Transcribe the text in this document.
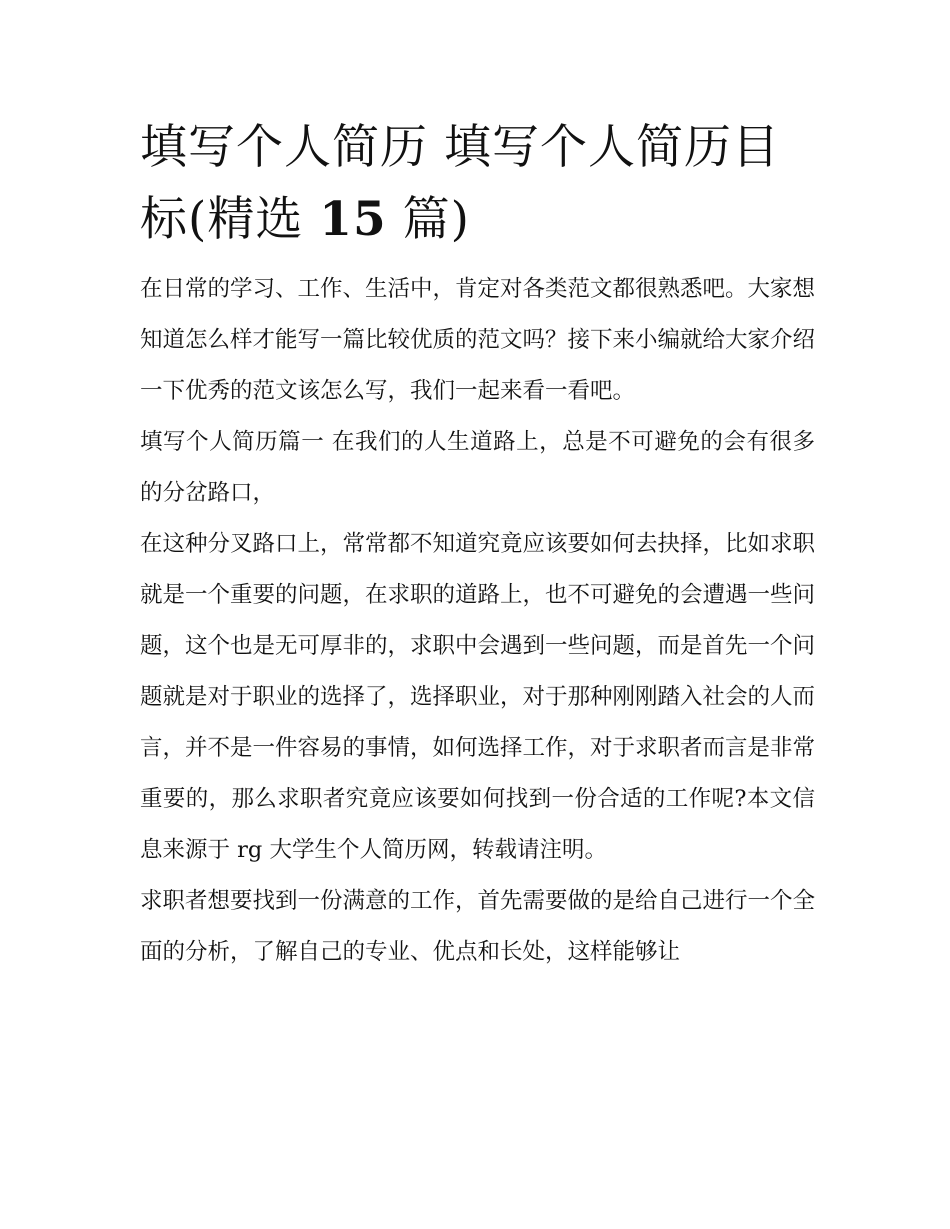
填写个人简历 填写个人简历目标(精选 15 篇)

在日常的学习、工作、生活中，肯定对各类范文都很熟悉吧。大家想知道怎么样才能写一篇比较优质的范文吗？接下来小编就给大家介绍一下优秀的范文该怎么写，我们一起来看一看吧。

填写个人简历篇一 在我们的人生道路上，总是不可避免的会有很多的分岔路口，

在这种分叉路口上，常常都不知道究竟应该要如何去抉择，比如求职就是一个重要的问题，在求职的道路上，也不可避免的会遭遇一些问题，这个也是无可厚非的，求职中会遇到一些问题，而是首先一个问题就是对于职业的选择了，选择职业，对于那种刚刚踏入社会的人而言，并不是一件容易的事情，如何选择工作，对于求职者而言是非常重要的，那么求职者究竟应该要如何找到一份合适的工作呢?本文信息来源于 rg 大学生个人简历网，转载请注明。

求职者想要找到一份满意的工作，首先需要做的是给自己进行一个全面的分析，了解自己的专业、优点和长处，这样能够让
